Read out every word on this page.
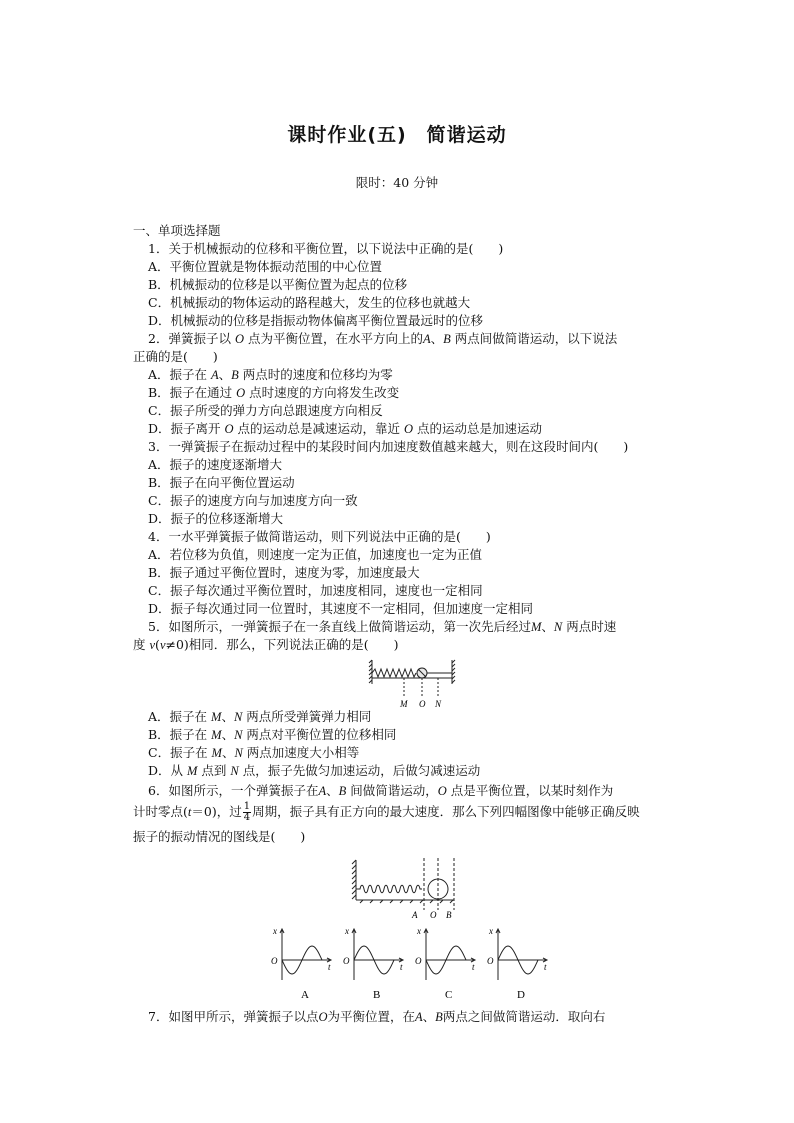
课时作业(五)　简谐运动
限时：40 分钟
一、单项选择题
1．关于机械振动的位移和平衡位置，以下说法中正确的是(　　)
A．平衡位置就是物体振动范围的中心位置
B．机械振动的位移是以平衡位置为起点的位移
C．机械振动的物体运动的路程越大，发生的位移也就越大
D．机械振动的位移是指振动物体偏离平衡位置最远时的位移
2．弹簧振子以 O 点为平衡位置，在水平方向上的A、B 两点间做简谐运动，以下说法
正确的是(　　)
A．振子在 A、B 两点时的速度和位移均为零
B．振子在通过 O 点时速度的方向将发生改变
C．振子所受的弹力方向总跟速度方向相反
D．振子离开 O 点的运动总是减速运动，靠近 O 点的运动总是加速运动
3．一弹簧振子在振动过程中的某段时间内加速度数值越来越大，则在这段时间内(　　)
A．振子的速度逐渐增大
B．振子在向平衡位置运动
C．振子的速度方向与加速度方向一致
D．振子的位移逐渐增大
4．一水平弹簧振子做简谐运动，则下列说法中正确的是(　　)
A．若位移为负值，则速度一定为正值，加速度也一定为正值
B．振子通过平衡位置时，速度为零，加速度最大
C．振子每次通过平衡位置时，加速度相同，速度也一定相同
D．振子每次通过同一位置时，其速度不一定相同，但加速度一定相同
5．如图所示，一弹簧振子在一条直线上做简谐运动，第一次先后经过M、N 两点时速
度 v(v≠0)相同．那么，下列说法正确的是(　　)
M O N
A．振子在 M、N 两点所受弹簧弹力相同
B．振子在 M、N 两点对平衡位置的位移相同
C．振子在 M、N 两点加速度大小相等
D．从 M 点到 N 点，振子先做匀加速运动，后做匀减速运动
6．如图所示，一个弹簧振子在A、B 间做简谐运动，O 点是平衡位置，以某时刻作为
计时零点(t＝0)，过 $\frac{1}{4}$ 周期，振子具有正方向的最大速度．那么下列四幅图像中能够正确反映
振子的振动情况的图线是(　　)
A O B
x
O
t
A
x
O
t
B
x
O
t
C
x
O
t
D
7．如图甲所示，弹簧振子以点O为平衡位置，在A、B两点之间做简谐运动．取向右
